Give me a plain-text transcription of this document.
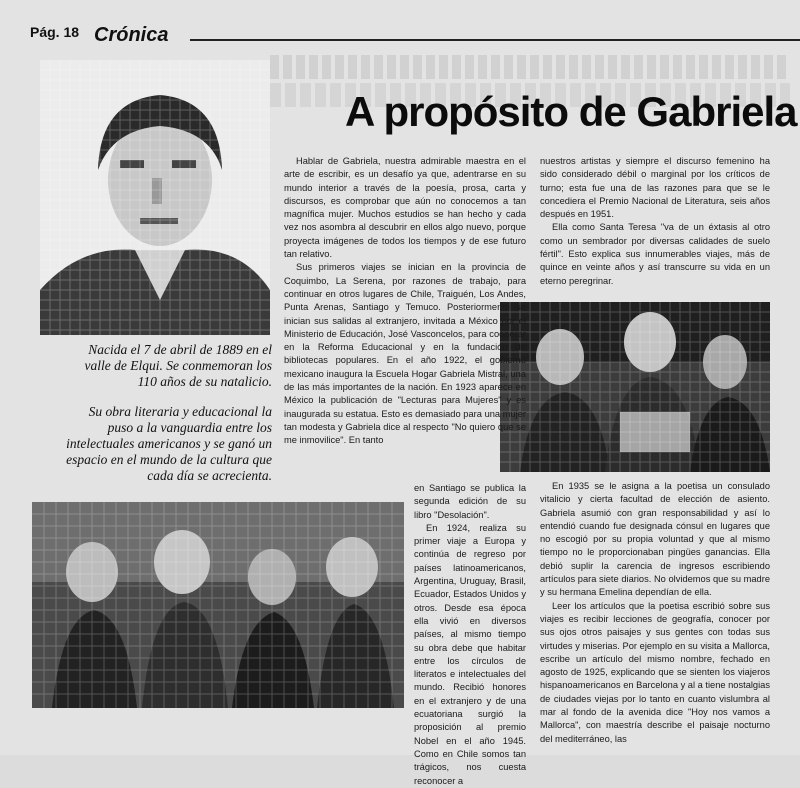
Pág. 18 Crónica
A propósito de Gabriela

Nacida el 7 de abril de 1889 en el valle de Elqui. Se conmemoran los 110 años de su natalicio.

Su obra literaria y educacional la puso a la vanguardia entre los intelectuales americanos y se ganó un espacio en el mundo de la cultura que cada día se acrecienta.

Hablar de Gabriela, nuestra admirable maestra en el arte de escribir, es un desafío ya que, adentrarse en su mundo interior a través de la poesía, prosa, carta y discursos, es comprobar que aún no conocemos a tan magnífica mujer. Muchos estudios se han hecho y cada vez nos asombra al descubrir en ellos algo nuevo, porque proyecta imágenes de todos los tiempos y de ese futuro tan relativo.

Sus primeros viajes se inician en la provincia de Coquimbo, La Serena, por razones de trabajo, para continuar en otros lugares de Chile, Traiguén, Los Andes, Punta Arenas, Santiago y Temuco. Posteriormente se inician sus salidas al extranjero, invitada a México por el Ministerio de Educación, José Vasconcelos, para cooperar en la Reforma Educacional y en la fundación de bibliotecas populares. En el año 1922, el gobierno mexicano inaugura la Escuela Hogar Gabriela Mistral, una de las más importantes de la nación. En 1923 aparece en México la publicación de "Lecturas para Mujeres" y es inaugurada su estatua. Esto es demasiado para una mujer tan modesta y Gabriela dice al respecto "No quiero que se me inmovilice". En tanto

en Santiago se publica la segunda edición de su libro "Desolación".

En 1924, realiza su primer viaje a Europa y continúa de regreso por países latinoamericanos, Argentina, Uruguay, Brasil, Ecuador, Estados Unidos y otros. Desde esa época ella vivió en diversos países, al mismo tiempo su obra debe que habitar entre los círculos de literatos e intelectuales del mundo. Recibió honores en el extranjero y de una ecuatoriana surgió la proposición al premio Nobel en el año 1945. Como en Chile somos tan trágicos, nos cuesta reconocer a

nuestros artistas y siempre el discurso femenino ha sido considerado débil o marginal por los críticos de turno; esta fue una de las razones para que se le concediera el Premio Nacional de Literatura, seis años después en 1951.

Ella como Santa Teresa "va de un éxtasis al otro como un sembrador por diversas calidades de suelo fértil". Esto explica sus innumerables viajes, más de quince en veinte años y así transcurre su vida en un eterno peregrinar.

En 1935 se le asigna a la poetisa un consulado vitalicio y cierta facultad de elección de asiento. Gabriela asumió con gran responsabilidad y así lo entendió cuando fue designada cónsul en lugares que no escogió por su propia voluntad y que al mismo tiempo no le proporcionaban pingües ganancias. Ella debió suplir la carencia de ingresos escribiendo artículos para siete diarios. No olvidemos que su madre y su hermana Emelina dependían de ella.

Leer los artículos que la poetisa escribió sobre sus viajes es recibir lecciones de geografía, conocer por sus ojos otros paisajes y sus gentes con todas sus virtudes y miserias. Por ejemplo en su visita a Mallorca, escribe un artículo del mismo nombre, fechado en agosto de 1925, explicando que se sienten los viajeros hispanoamericanos en Barcelona y al a tiene nostalgias de ciudades viejas por lo tanto en cuanto vislumbra al mar al fondo de la avenida dice "Hoy nos vamos a Mallorca", con maestría describe el paisaje nocturno del mediterráneo, las
